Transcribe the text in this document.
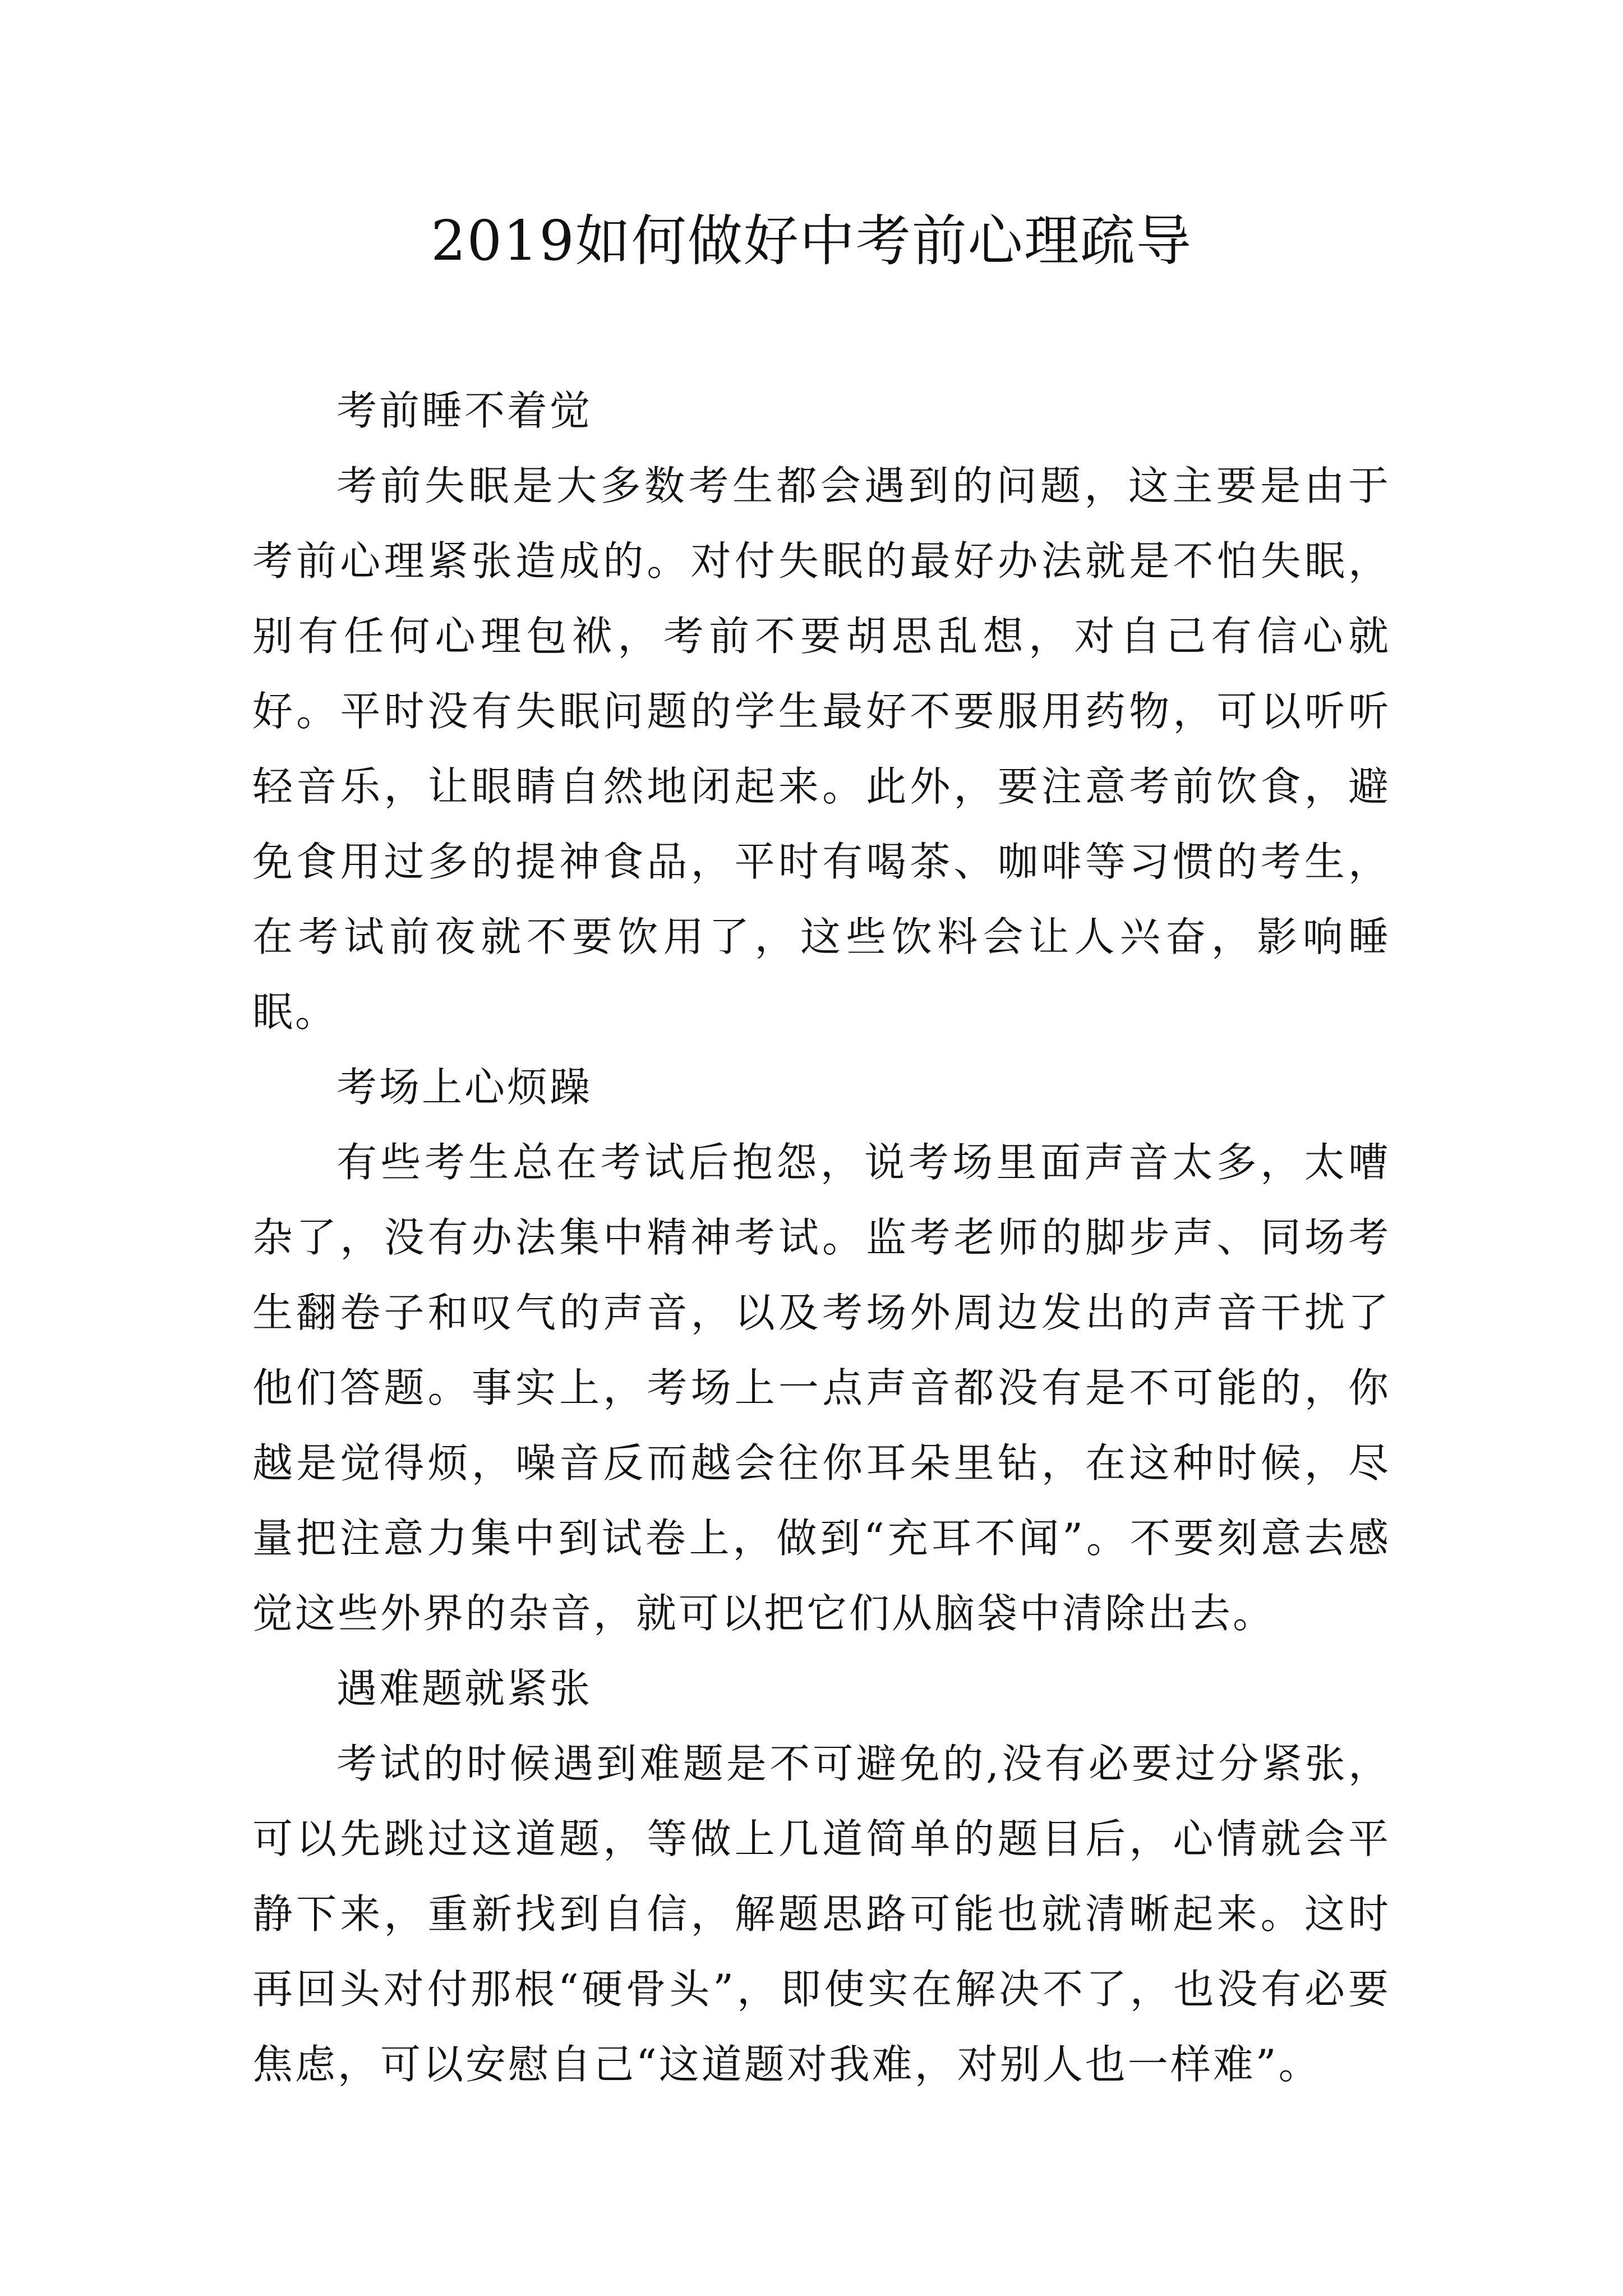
2019如何做好中考前心理疏导

考前睡不着觉

考前失眠是大多数考生都会遇到的问题，这主要是由于考前心理紧张造成的。对付失眠的最好办法就是不怕失眠，别有任何心理包袱，考前不要胡思乱想，对自己有信心就好。平时没有失眠问题的学生最好不要服用药物，可以听听轻音乐，让眼睛自然地闭起来。此外，要注意考前饮食，避免食用过多的提神食品，平时有喝茶、咖啡等习惯的考生，在考试前夜就不要饮用了，这些饮料会让人兴奋，影响睡眠。

考场上心烦躁

有些考生总在考试后抱怨，说考场里面声音太多，太嘈杂了，没有办法集中精神考试。监考老师的脚步声、同场考生翻卷子和叹气的声音，以及考场外周边发出的声音干扰了他们答题。事实上，考场上一点声音都没有是不可能的，你越是觉得烦，噪音反而越会往你耳朵里钻，在这种时候，尽量把注意力集中到试卷上，做到“充耳不闻”。不要刻意去感觉这些外界的杂音，就可以把它们从脑袋中清除出去。

遇难题就紧张

考试的时候遇到难题是不可避免的,没有必要过分紧张，可以先跳过这道题，等做上几道简单的题目后，心情就会平静下来，重新找到自信，解题思路可能也就清晰起来。这时再回头对付那根“硬骨头”，即使实在解决不了，也没有必要焦虑，可以安慰自己“这道题对我难，对别人也一样难”。
